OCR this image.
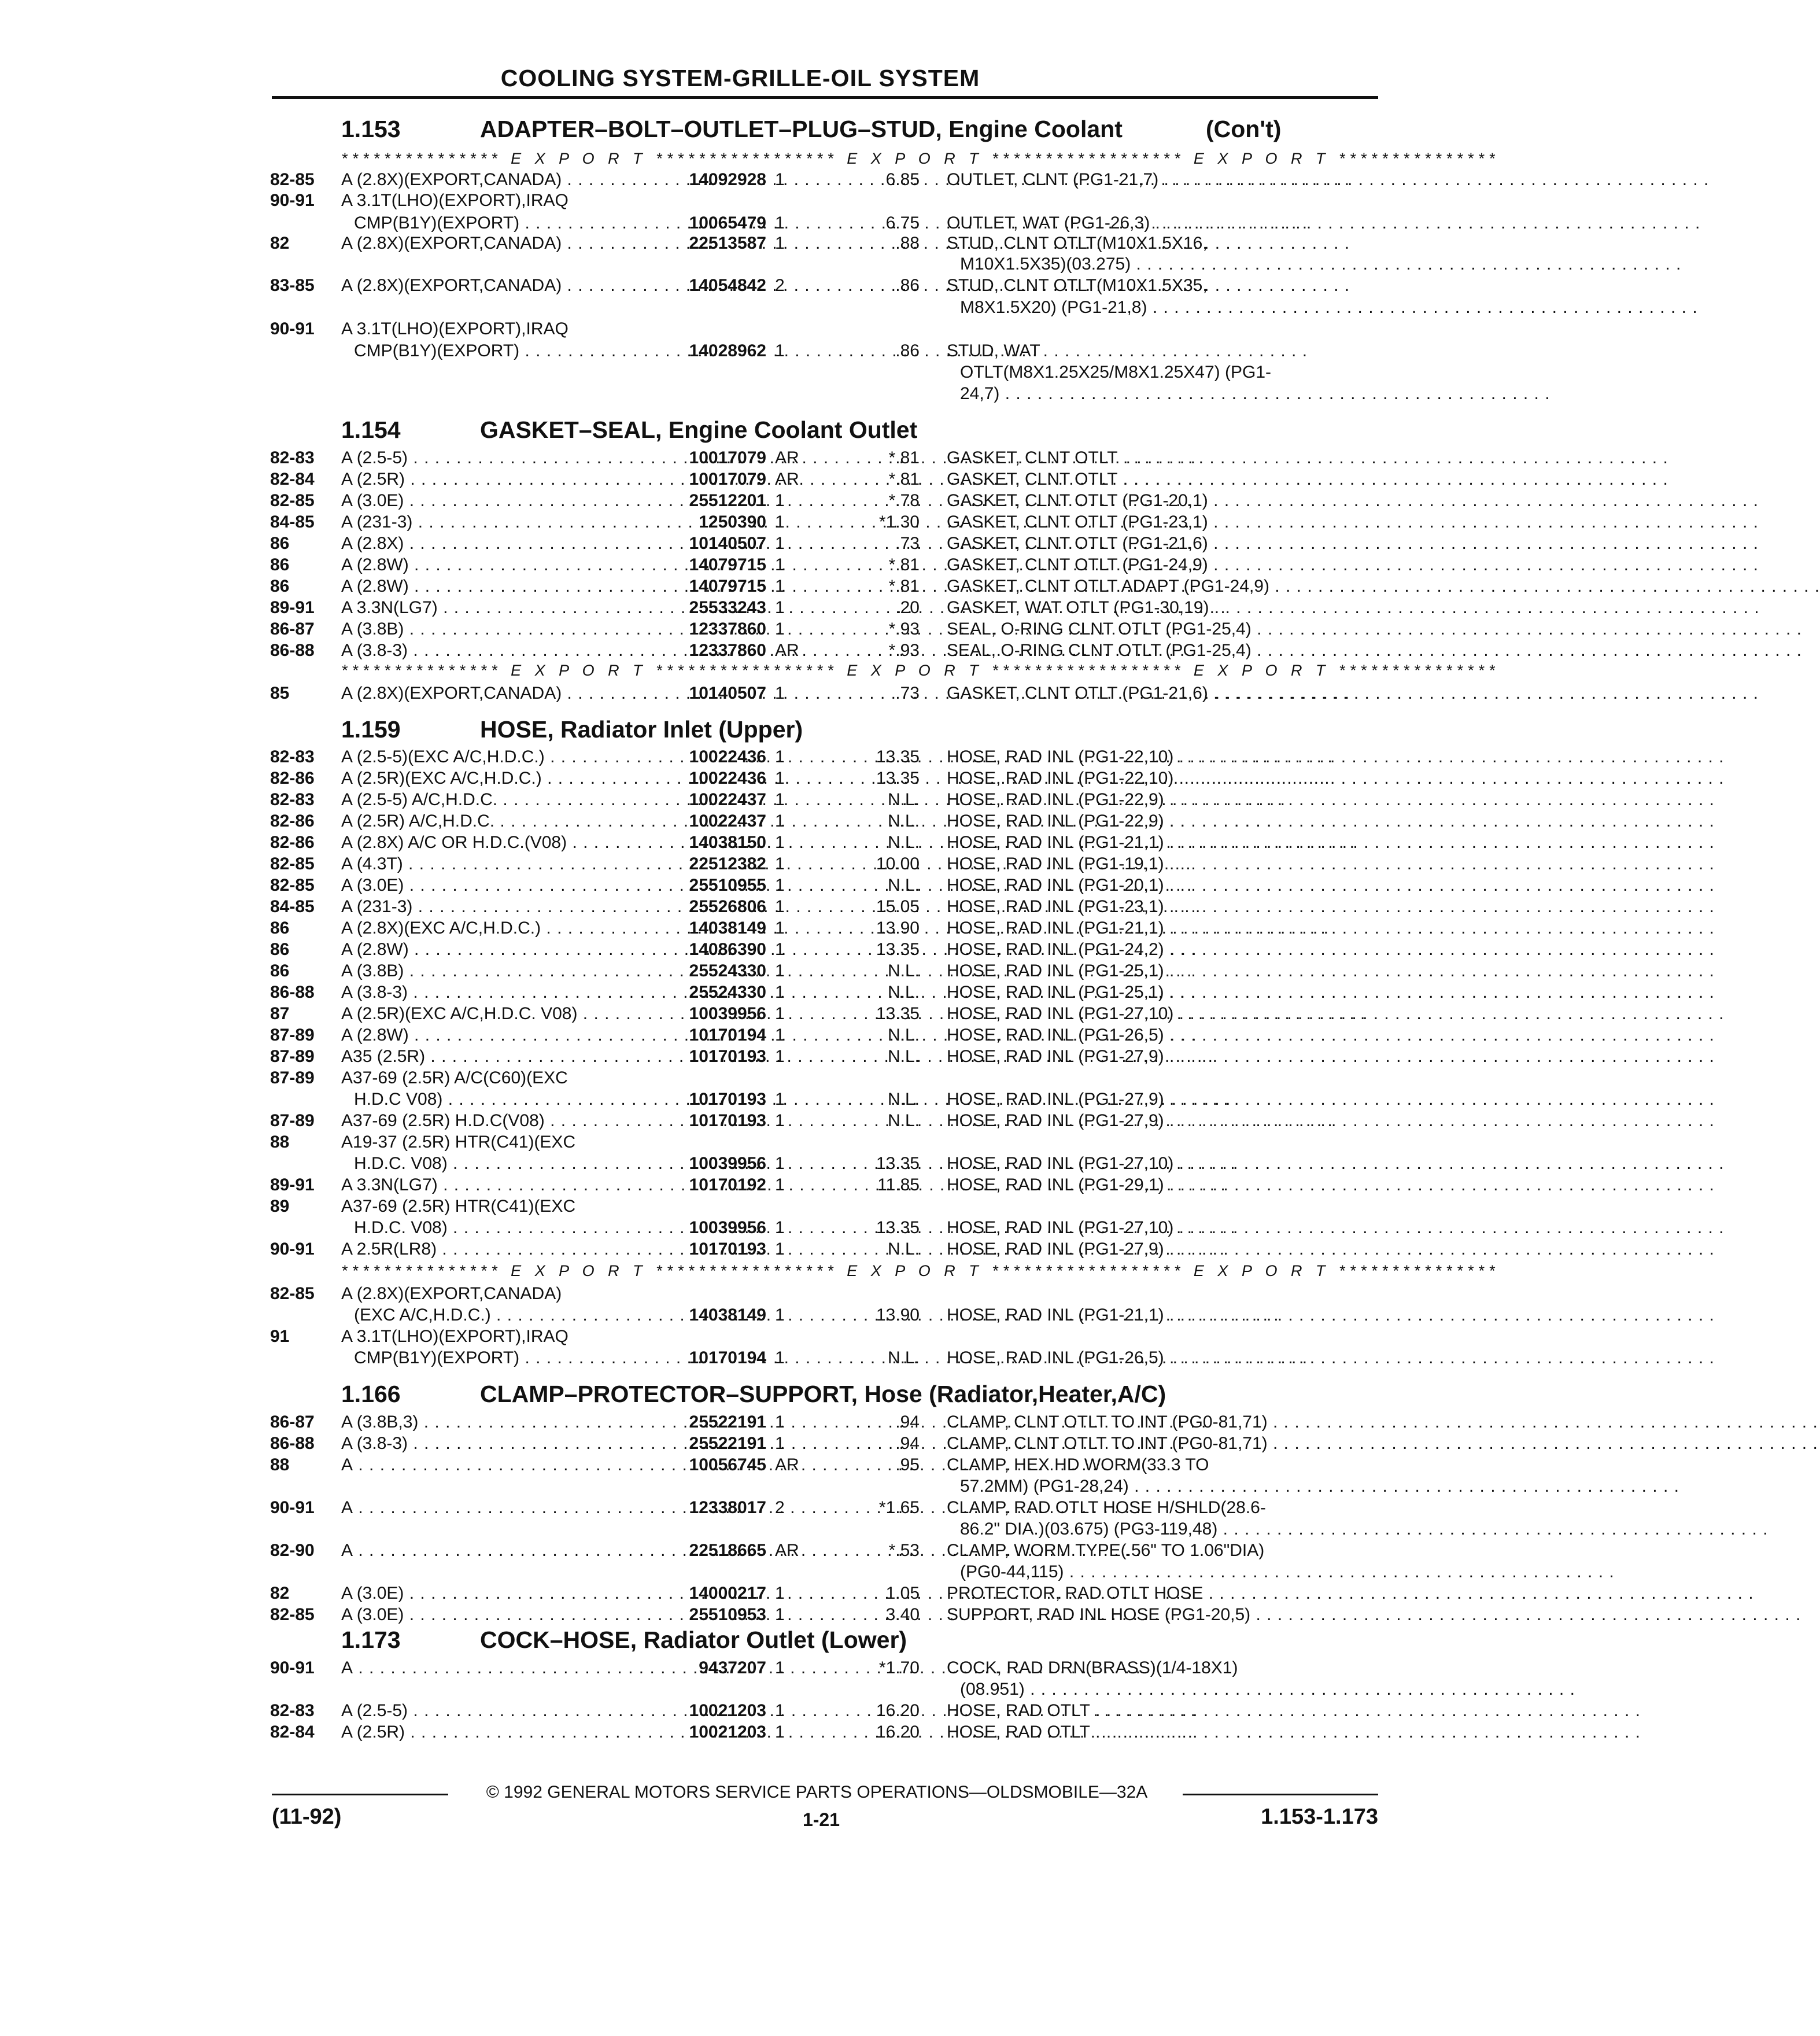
COOLING SYSTEM-GRILLE-OIL SYSTEM
1.153	ADAPTER–BOLT–OUTLET–PLUG–STUD, Engine Coolant	(Con't)
1.154	GASKET–SEAL, Engine Coolant Outlet
1.159	HOSE, Radiator Inlet (Upper)
1.166	CLAMP–PROTECTOR–SUPPORT, Hose (Radiator,Heater,A/C)
1.173	COCK–HOSE, Radiator Outlet (Lower)
*************** E X P O R T ***************** E X P O R T ****************** E X P O R T ***************
*************** E X P O R T ***************** E X P O R T ****************** E X P O R T ***************
*************** E X P O R T ***************** E X P O R T ****************** E X P O R T ***************
82-85 A (2.8X)(EXPORT,CANADA) . . .	14092928 1	6.85 OUTLET, CLNT (PG1-21,7) . . .
90-91 A 3.1T(LHO)(EXPORT),IRAQ
CMP(B1Y)(EXPORT) . . .	10065479 1	6.75 OUTLET, WAT (PG1-26,3) . . .
82	A (2.8X)(EXPORT,CANADA) . . .	22513587 1	.88 STUD, CLNT OTLT(M10X1.5X16,
M10X1.5X35)(03.275) . . .
83-85 A (2.8X)(EXPORT,CANADA) . . .	14054842 2	.86 STUD, CLNT OTLT(M10X1.5X35,
M8X1.5X20) (PG1-21,8) . . .
90-91 A 3.1T(LHO)(EXPORT),IRAQ
CMP(B1Y)(EXPORT) . . .	14028962 1	.86 STUD, WAT
OTLT(M8X1.25X25/M8X1.25X47) (PG1-
24,7) . . .
82-83 A (2.5-5) . . .	10017079 AR	*.81 GASKET, CLNT OTLT . . .
82-84 A (2.5R) . . .	10017079 AR	*.81 GASKET, CLNT OTLT . . .
82-85 A (3.0E) . . .	25512201 1	*.78 GASKET, CLNT OTLT (PG1-20,1) . . .
84-85 A (231-3) . . .	1250390 1	*1.30 GASKET, CLNT OTLT (PG1-23,1) . . .
86	A (2.8X) . . .	10140507 1	.73 GASKET, CLNT OTLT (PG1-21,6) . . .
86	A (2.8W) . . .	14079715 1	*.81 GASKET, CLNT OTLT (PG1-24,9) . . .
86	A (2.8W) . . .	14079715 1	*.81 GASKET, CLNT OTLT ADAPT (PG1-24,9) . . .
89-91 A 3.3N(LG7) . . .	25533243 1	.20 GASKET, WAT OTLT (PG1-30,19) . . .
86-87 A (3.8B) . . .	12337860 1	*.93 SEAL, O-RING CLNT OTLT (PG1-25,4) . . .
86-88 A (3.8-3) . . .	12337860 AR	*.93 SEAL, O-RING CLNT OTLT (PG1-25,4) . . .
85	A (2.8X)(EXPORT,CANADA) . . .	10140507 1	.73 GASKET, CLNT OTLT (PG1-21,6) . . .
82-83 A (2.5-5)(EXC A/C,H.D.C.) . . .	10022436 1	13.35 HOSE, RAD INL (PG1-22,10) . . .
82-86 A (2.5R)(EXC A/C,H.D.C.) . . .	10022436 1	13.35 HOSE, RAD INL (PG1-22,10) . . .
82-83 A (2.5-5) A/C,H.D.C. . . .	10022437 1	N.L. HOSE, RAD INL (PG1-22,9) . . .
82-86 A (2.5R) A/C,H.D.C. . . .	10022437 1	N.L. HOSE, RAD INL (PG1-22,9) . . .
82-86 A (2.8X) A/C OR H.D.C.(V08) . . .	14038150 1	N.L. HOSE, RAD INL (PG1-21,1) . . .
82-85 A (4.3T) . . .	22512382 1	10.00 HOSE, RAD INL (PG1-19,1) . . .
82-85 A (3.0E) . . .	25510955 1	N.L. HOSE, RAD INL (PG1-20,1) . . .
84-85 A (231-3) . . .	25526806 1	15.05 HOSE, RAD INL (PG1-23,1) . . .
86	A (2.8X)(EXC A/C,H.D.C.) . . .	14038149 1	13.90 HOSE, RAD INL (PG1-21,1) . . .
86	A (2.8W) . . .	14086390 1	13.35 HOSE, RAD INL (PG1-24,2) . . .
86	A (3.8B) . . .	25524330 1	N.L. HOSE, RAD INL (PG1-25,1) . . .
86-88 A (3.8-3) . . .	25524330 1	N.L. HOSE, RAD INL (PG1-25,1) . . .
87	A (2.5R)(EXC A/C,H.D.C. V08) . . .	10039956 1	13.35 HOSE, RAD INL (PG1-27,10) . . .
87-89 A (2.8W) . . .	10170194 1	N.L. HOSE, RAD INL (PG1-26,5) . . .
87-89 A35 (2.5R) . . .	10170193 1	N.L. HOSE, RAD INL (PG1-27,9) . . .
87-89 A37-69 (2.5R) A/C(C60)(EXC
H.D.C V08) . . .	10170193 1	N.L. HOSE, RAD INL (PG1-27,9) . . .
87-89 A37-69 (2.5R) H.D.C(V08) . . .	10170193 1	N.L. HOSE, RAD INL (PG1-27,9) . . .
88	A19-37 (2.5R) HTR(C41)(EXC
H.D.C. V08) . . .	10039956 1	13.35 HOSE, RAD INL (PG1-27,10) . . .
89-91 A 3.3N(LG7) . . .	10170192 1	11.85 HOSE, RAD INL (PG1-29,1) . . .
89	A37-69 (2.5R) HTR(C41)(EXC
H.D.C. V08) . . .	10039956 1	13.35 HOSE, RAD INL (PG1-27,10) . . .
90-91 A 2.5R(LR8) . . .	10170193 1	N.L. HOSE, RAD INL (PG1-27,9) . . .
82-85 A (2.8X)(EXPORT,CANADA)
(EXC A/C,H.D.C.) . . .	14038149 1	13.90 HOSE, RAD INL (PG1-21,1) . . .
91	A 3.1T(LHO)(EXPORT),IRAQ
CMP(B1Y)(EXPORT) . . .	10170194 1	N.L. HOSE, RAD INL (PG1-26,5) . . .
86-87 A (3.8B,3) . . .	25522191 1	.94 CLAMP, CLNT OTLT TO INT (PG0-81,71) . . .
86-88 A (3.8-3) . . .	25522191 1	.94 CLAMP, CLNT OTLT TO INT (PG0-81,71) . . .
88	A . . .	10056745 AR	.95 CLAMP, HEX HD WORM(33.3 TO
57.2MM) (PG1-28,24) . . .
90-91 A . . .	12338017 2	*1.65 CLAMP, RAD OTLT HOSE H/SHLD(28.6-
86.2" DIA.)(03.675) (PG3-119,48) . . .
82-90 A . . .	22518665 AR	*.53 CLAMP, WORM TYPE(.56" TO 1.06"DIA)
(PG0-44,115) . . .
82	A (3.0E) . . .	14000217 1	1.05 PROTECTOR, RAD OTLT HOSE . . .
82-85 A (3.0E) . . .	25510953 1	3.40 SUPPORT, RAD INL HOSE (PG1-20,5) . . .
90-91 A . . .	9437207 1	*1.70 COCK, RAD DRN(BRASS)(1/4-18X1)
(08.951) . . .
82-83 A (2.5-5) . . .	10021203 1	16.20 HOSE, RAD OTLT . . .
82-84 A (2.5R) . . .	10021203 1	16.20 HOSE, RAD OTLT . . .
© 1992 GENERAL MOTORS SERVICE PARTS OPERATIONS—OLDSMOBILE—32A
(11-92)	1-21	1.153-1.173
